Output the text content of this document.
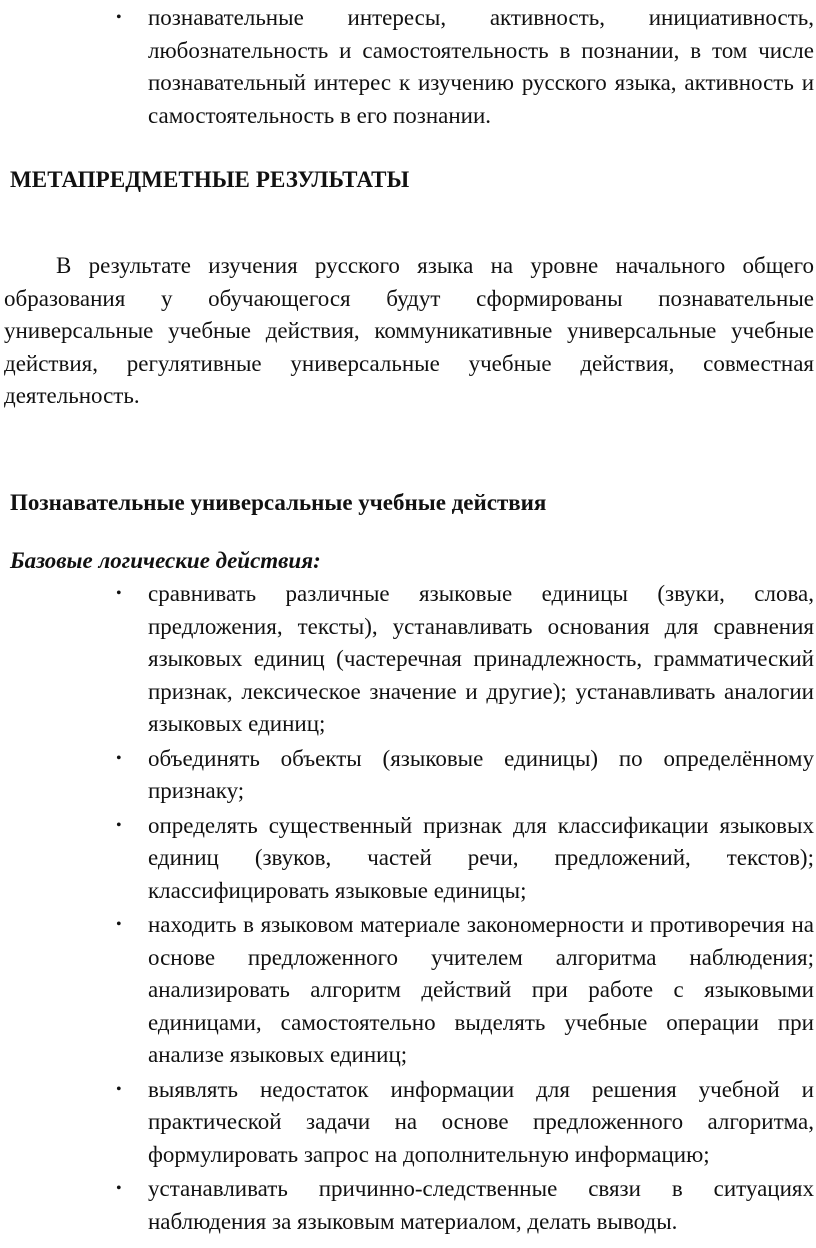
• познавательные интересы, активность, инициативность, любознательность и самостоятельность в познании, в том числе познавательный интерес к изучению русского языка, активность и самостоятельность в его познании.
МЕТАПРЕДМЕТНЫЕ РЕЗУЛЬТАТЫ

В результате изучения русского языка на уровне начального общего образования у обучающегося будут сформированы познавательные универсальные учебные действия, коммуникативные универсальные учебные действия, регулятивные универсальные учебные действия, совместная деятельность.

Познавательные универсальные учебные действия
Базовые логические действия:
• сравнивать различные языковые единицы (звуки, слова, предложения, тексты), устанавливать основания для сравнения языковых единиц (частеречная принадлежность, грамматический признак, лексическое значение и другие); устанавливать аналогии языковых единиц;
• объединять объекты (языковые единицы) по определённому признаку;
• определять существенный признак для классификации языковых единиц (звуков, частей речи, предложений, текстов); классифицировать языковые единицы;
• находить в языковом материале закономерности и противоречия на основе предложенного учителем алгоритма наблюдения; анализировать алгоритм действий при работе с языковыми единицами, самостоятельно выделять учебные операции при анализе языковых единиц;
• выявлять недостаток информации для решения учебной и практической задачи на основе предложенного алгоритма, формулировать запрос на дополнительную информацию;
• устанавливать причинно-следственные связи в ситуациях наблюдения за языковым материалом, делать выводы.
